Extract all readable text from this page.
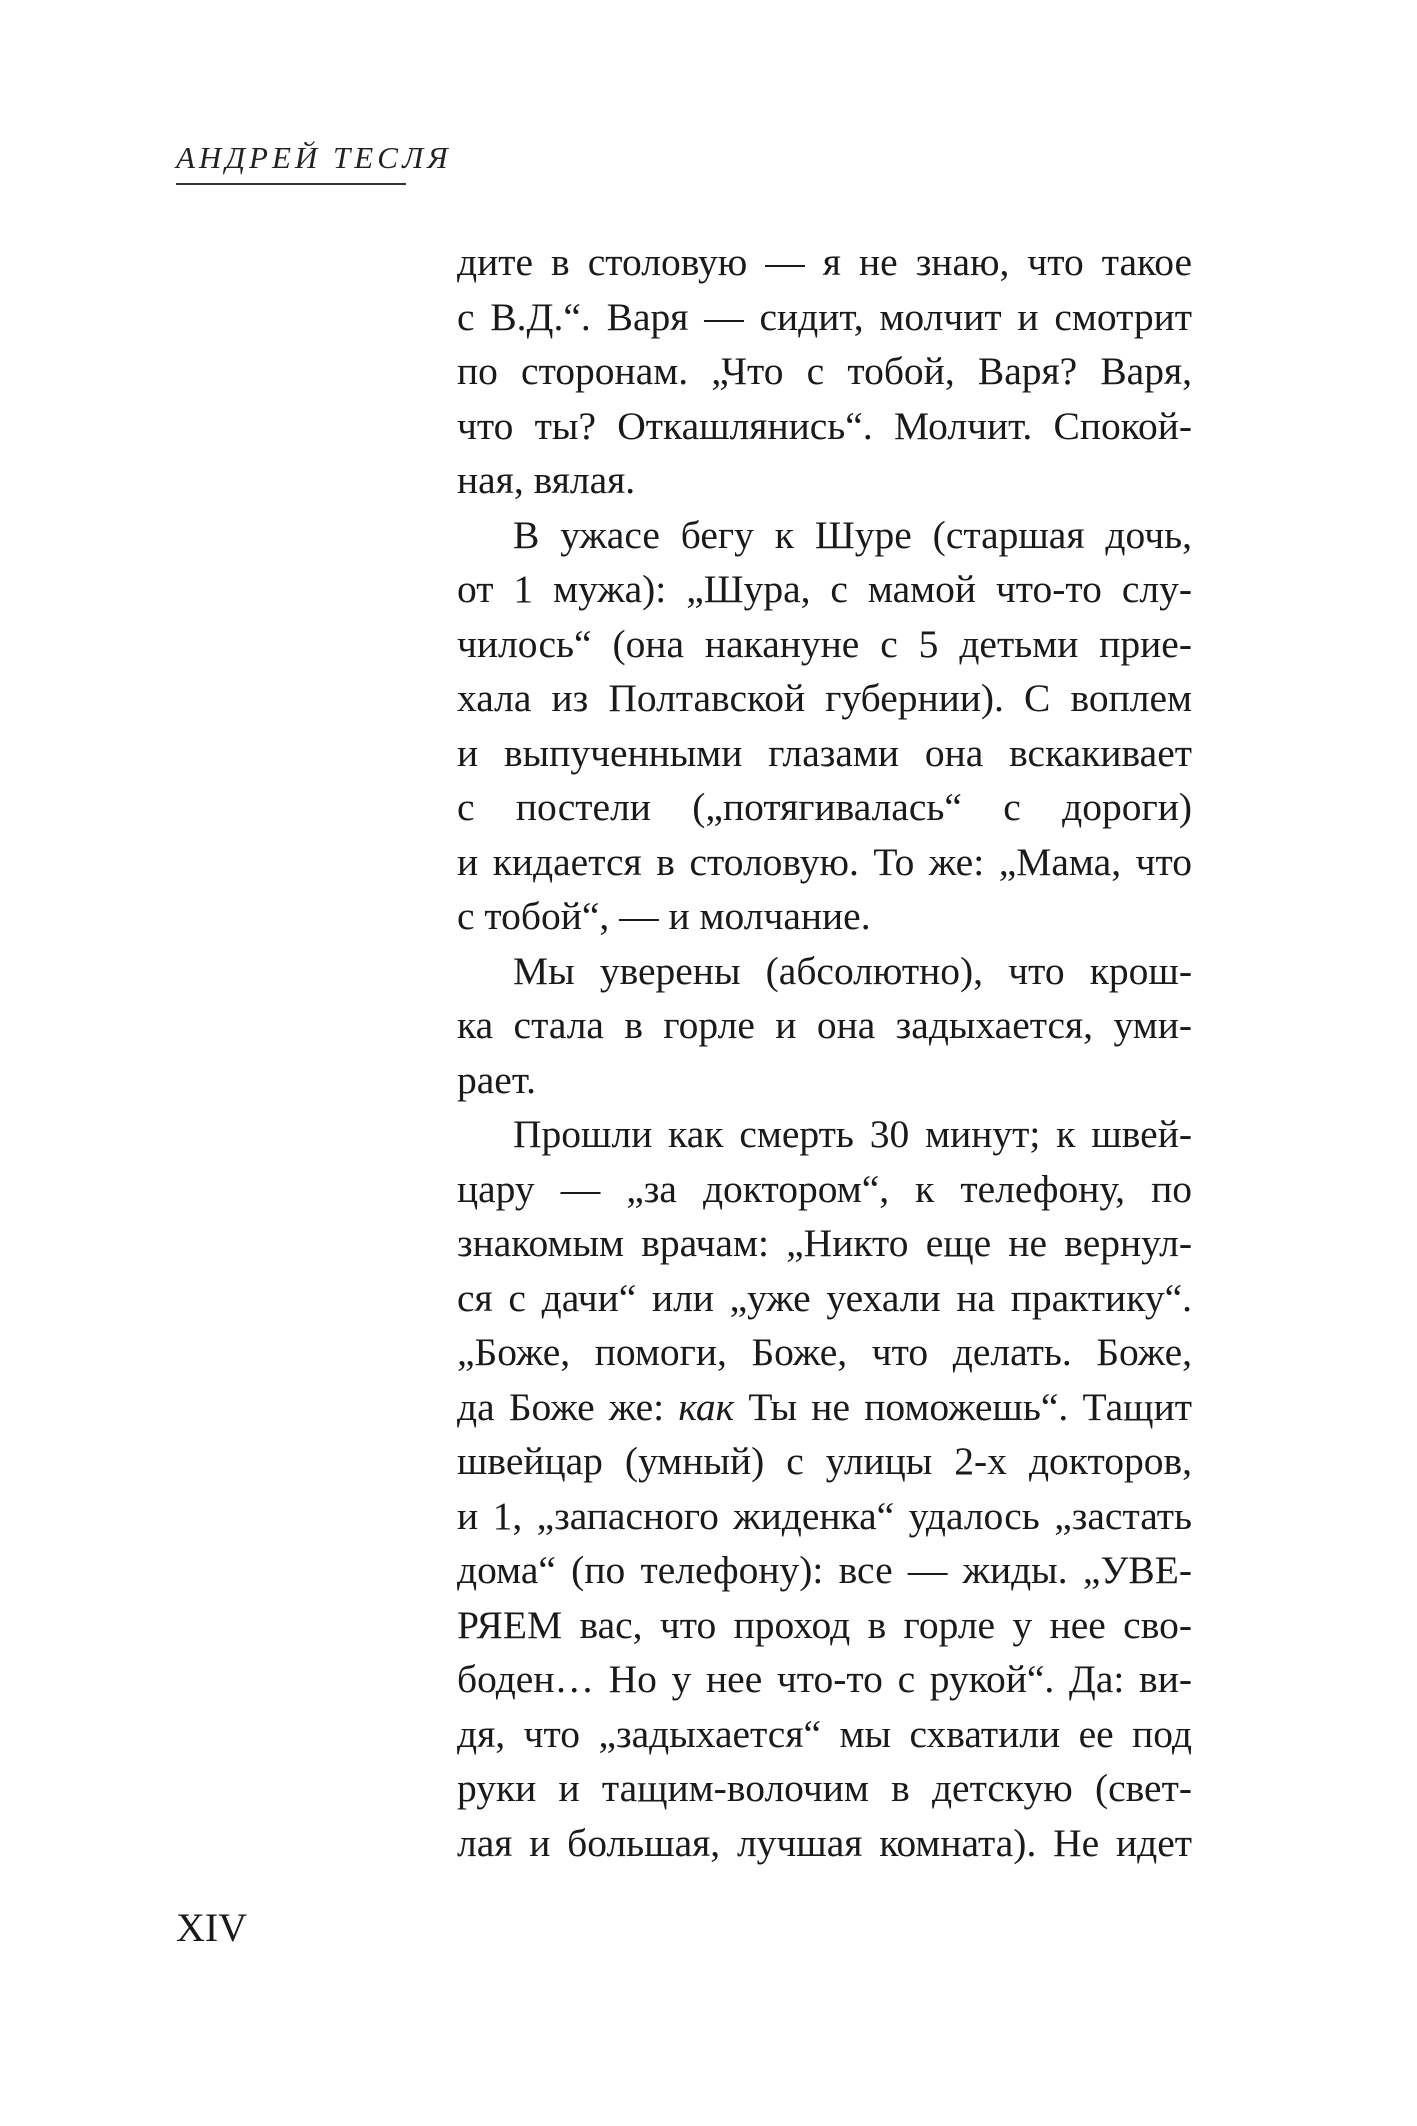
АНДРЕЙ ТЕСЛЯ
дите в столовую — я не знаю, что такое
с В.Д.“. Варя — сидит, молчит и смотрит
по сторонам. „Что с тобой, Варя? Варя,
что ты? Откашлянись“. Молчит. Спокой-
ная, вялая.
В ужасе бегу к Шуре (старшая дочь,
от 1 мужа): „Шура, с мамой что-то слу-
чилось“ (она накануне с 5 детьми прие-
хала из Полтавской губернии). С воплем
и выпученными глазами она вскакивает
с постели („потягивалась“ с дороги)
и кидается в столовую. То же: „Мама, что
с тобой“, — и молчание.
Мы уверены (абсолютно), что крош-
ка стала в горле и она задыхается, уми-
рает.
Прошли как смерть 30 минут; к швей-
цару — „за доктором“, к телефону, по
знакомым врачам: „Никто еще не вернул-
ся с дачи“ или „уже уехали на практику“.
„Боже, помоги, Боже, что делать. Боже,
да Боже же: как Ты не поможешь“. Тащит
швейцар (умный) с улицы 2-х докторов,
и 1, „запасного жиденка“ удалось „застать
дома“ (по телефону): все — жиды. „УВЕ-
РЯЕМ вас, что проход в горле у нее сво-
боден… Но у нее что-то с рукой“. Да: ви-
дя, что „задыхается“ мы схватили ее под
руки и тащим-волочим в детскую (свет-
лая и большая, лучшая комната). Не идет
XIV
